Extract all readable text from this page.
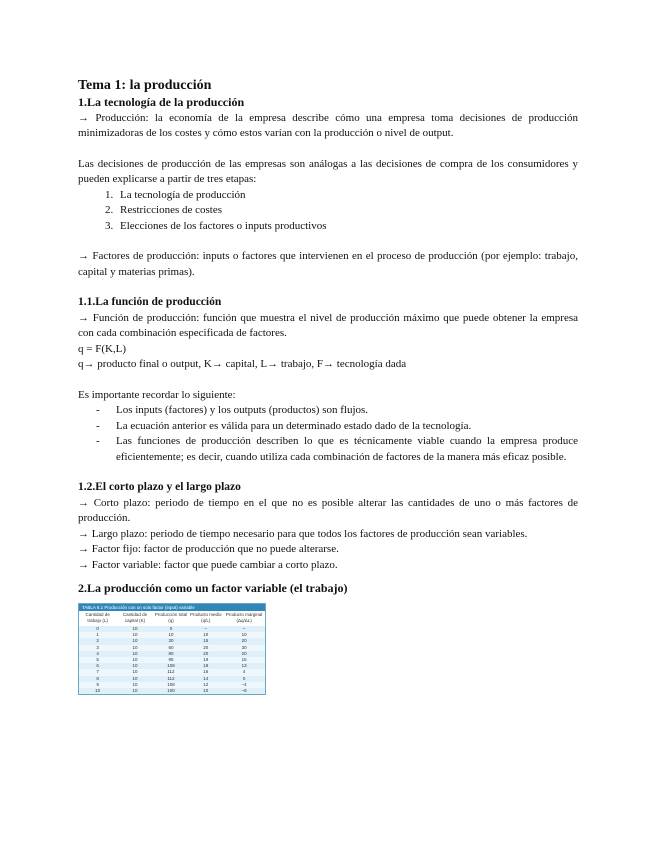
Tema 1: la producción
1.La tecnología de la producción
→ Producción: la economía de la empresa describe cómo una empresa toma decisiones de producción minimizadoras de los costes y cómo estos varían con la producción o nivel de output.
Las decisiones de producción de las empresas son análogas a las decisiones de compra de los consumidores y pueden explicarse a partir de tres etapas:
1. La tecnología de producción
2. Restricciones de costes
3. Elecciones de los factores o inputs productivos
→ Factores de producción: inputs o factores que intervienen en el proceso de producción (por ejemplo: trabajo, capital y materias primas).
1.1.La función de producción
→ Función de producción: función que muestra el nivel de producción máximo que puede obtener la empresa con cada combinación especificada de factores.
q = F(K,L)
q→ producto final o output, K→ capital, L→ trabajo, F→ tecnología dada
Es importante recordar lo siguiente:
- Los inputs (factores) y los outputs (productos) son flujos.
- La ecuación anterior es válida para un determinado estado dado de la tecnología.
- Las funciones de producción describen lo que es técnicamente viable cuando la empresa produce eficientemente; es decir, cuando utiliza cada combinación de factores de la manera más eficaz posible.
1.2.El corto plazo y el largo plazo
→ Corto plazo: periodo de tiempo en el que no es posible alterar las cantidades de uno o más factores de producción.
→ Largo plazo: periodo de tiempo necesario para que todos los factores de producción sean variables.
→ Factor fijo: factor de producción que no puede alterarse.
→ Factor variable: factor que puede cambiar a corto plazo.
2.La producción como un factor variable (el trabajo)
TABLA 6.1 Producción con un solo factor (input) variable
Cantidad de trabajo (L)	Cantidad de capital (K)	Producción total (q)	Producto medio (q/L)	Producto marginal (Δq/ΔL)
0	10	0	–	–
1	10	10	10	10
2	10	30	15	20
3	10	60	20	30
4	10	80	20	20
5	10	95	19	15
6	10	108	18	13
7	10	112	16	4
8	10	112	14	0
9	10	108	12	–4
10	10	100	10	–8
